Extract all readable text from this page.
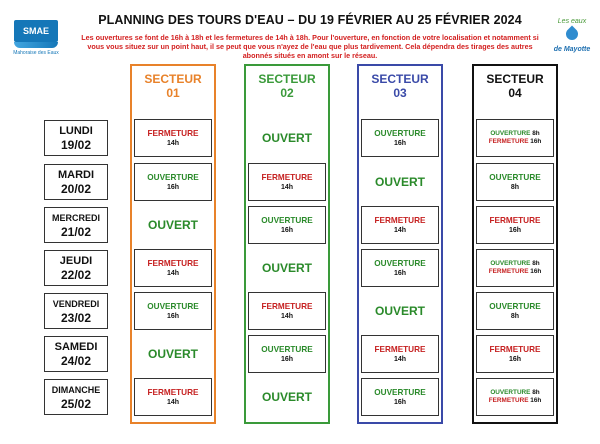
SMAE
Mahoraise des Eaux
Les eaux
de Mayotte
PLANNING DES TOURS D'EAU – DU 19 FÉVRIER AU 25 FÉVRIER 2024
Les ouvertures se font de 16h à 18h et les fermetures de 14h à 18h. Pour l'ouverture, en fonction de votre localisation et notamment si vous vous situez sur un point haut, il se peut que vous n'ayez de l'eau que plus tardivement. Cela dépendra des tirages des autres abonnés situés en amont sur le réseau.
SECTEUR
01
SECTEUR
02
SECTEUR
03
SECTEUR
04
LUNDI
19/02
MARDI
20/02
MERCREDI
21/02
JEUDI
22/02
VENDREDI
23/02
SAMEDI
24/02
DIMANCHE
25/02
FERMETURE
14h
OUVERTURE
16h
OUVERT
FERMETURE
14h
OUVERTURE
16h
OUVERT
FERMETURE
14h
OUVERT
FERMETURE
14h
OUVERTURE
16h
OUVERT
FERMETURE
14h
OUVERTURE
16h
OUVERT
OUVERTURE
16h
OUVERT
FERMETURE
14h
OUVERTURE
16h
OUVERT
FERMETURE
14h
OUVERTURE
16h
OUVERTURE 8h
FERMETURE 16h
OUVERTURE
8h
FERMETURE
16h
OUVERTURE 8h
FERMETURE 16h
OUVERTURE
8h
FERMETURE
16h
OUVERTURE 8h
FERMETURE 16h
